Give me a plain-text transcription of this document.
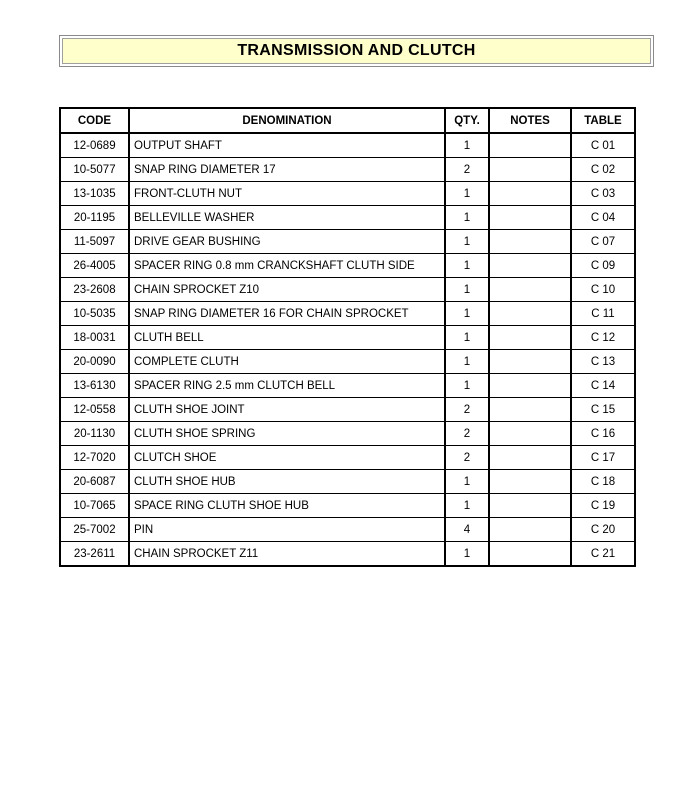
TRANSMISSION AND CLUTCH
CODE	DENOMINATION	QTY.	NOTES	TABLE
12-0689	OUTPUT SHAFT	1		C 01
10-5077	SNAP RING DIAMETER 17	2		C 02
13-1035	FRONT-CLUTH NUT	1		C 03
20-1195	BELLEVILLE WASHER	1		C 04
11-5097	DRIVE GEAR BUSHING	1		C 07
26-4005	SPACER RING 0.8 mm CRANCKSHAFT CLUTH SIDE	1		C 09
23-2608	CHAIN SPROCKET Z10	1		C 10
10-5035	SNAP RING DIAMETER 16 FOR CHAIN SPROCKET	1		C 11
18-0031	CLUTH BELL	1		C 12
20-0090	COMPLETE CLUTH	1		C 13
13-6130	SPACER RING 2.5 mm CLUTCH BELL	1		C 14
12-0558	CLUTH SHOE JOINT	2		C 15
20-1130	CLUTH SHOE SPRING	2		C 16
12-7020	CLUTCH SHOE	2		C 17
20-6087	CLUTH SHOE HUB	1		C 18
10-7065	SPACE RING CLUTH SHOE HUB	1		C 19
25-7002	PIN	4		C 20
23-2611	CHAIN SPROCKET Z11	1		C 21
